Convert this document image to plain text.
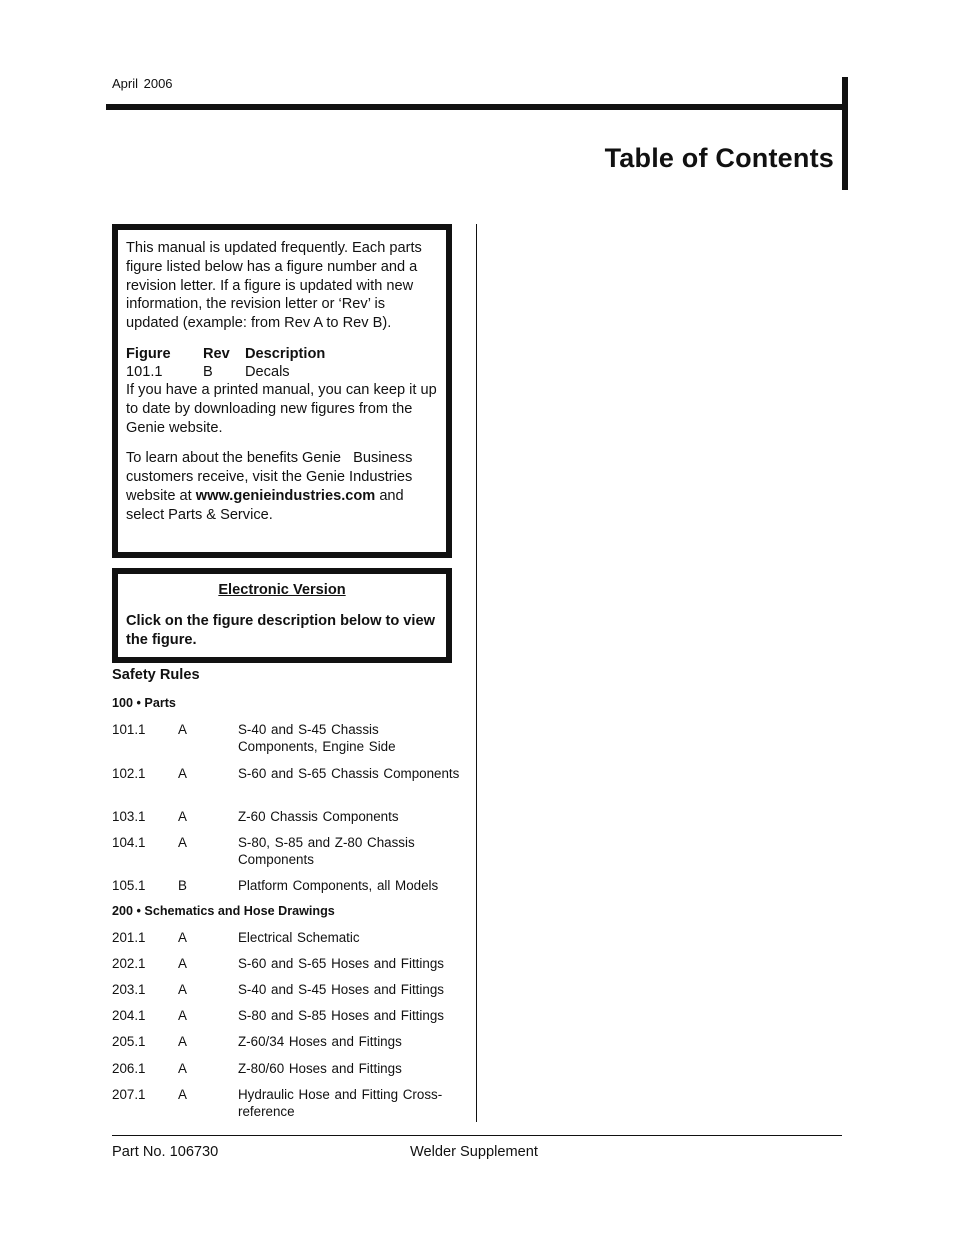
April 2006
Table of Contents

This manual is updated frequently. Each parts figure listed below has a figure number and a revision letter. If a figure is updated with new information, the revision letter or ‘Rev’ is updated (example: from Rev A to Rev B).

Figure	Rev	Description
101.1	B	Decals

If you have a printed manual, you can keep it up to date by downloading new figures from the Genie website.

To learn about the benefits Genie   Business customers receive, visit the Genie Industries website at www.genieindustries.com and select Parts & Service.

Electronic Version

Click on the figure description below to view the figure.

Safety Rules
100 • Parts
101.1 A	S-40 and S-45 Chassis Components, Engine Side
102.1 A	S-60 and S-65 Chassis Components
103.1 A	Z-60 Chassis Components
104.1 A	S-80, S-85 and Z-80 Chassis Components
105.1 B	Platform Components, all Models
200 • Schematics and Hose Drawings
201.1 A	Electrical Schematic
202.1 A	S-60 and S-65 Hoses and Fittings
203.1 A	S-40 and S-45 Hoses and Fittings
204.1 A	S-80 and S-85 Hoses and Fittings
205.1 A	Z-60/34 Hoses and Fittings
206.1 A	Z-80/60 Hoses and Fittings
207.1 A	Hydraulic Hose and Fitting Cross-reference
Part No. 106730	Welder Supplement
